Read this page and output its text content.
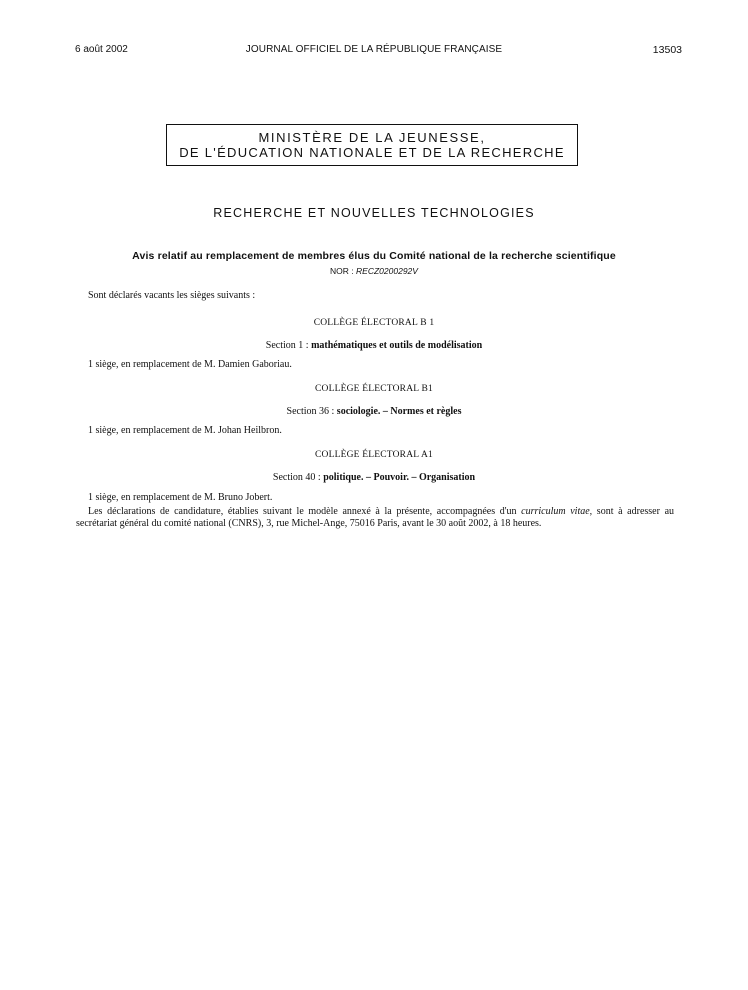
6 août 2002	JOURNAL OFFICIEL DE LA RÉPUBLIQUE FRANÇAISE	13503
MINISTÈRE DE LA JEUNESSE,
DE L'ÉDUCATION NATIONALE ET DE LA RECHERCHE
RECHERCHE ET NOUVELLES TECHNOLOGIES
Avis relatif au remplacement de membres élus du Comité national de la recherche scientifique
NOR : RECZ0200292V
Sont déclarés vacants les sièges suivants :
COLLÈGE ÉLECTORAL B 1
Section 1 : mathématiques et outils de modélisation
1 siège, en remplacement de M. Damien Gaboriau.
COLLÈGE ÉLECTORAL B1
Section 36 : sociologie. – Normes et règles
1 siège, en remplacement de M. Johan Heilbron.
COLLÈGE ÉLECTORAL A1
Section 40 : politique. – Pouvoir. – Organisation
1 siège, en remplacement de M. Bruno Jobert.
Les déclarations de candidature, établies suivant le modèle annexé à la présente, accompagnées d'un curriculum vitae, sont à adresser au secrétariat général du comité national (CNRS), 3, rue Michel-Ange, 75016 Paris, avant le 30 août 2002, à 18 heures.
